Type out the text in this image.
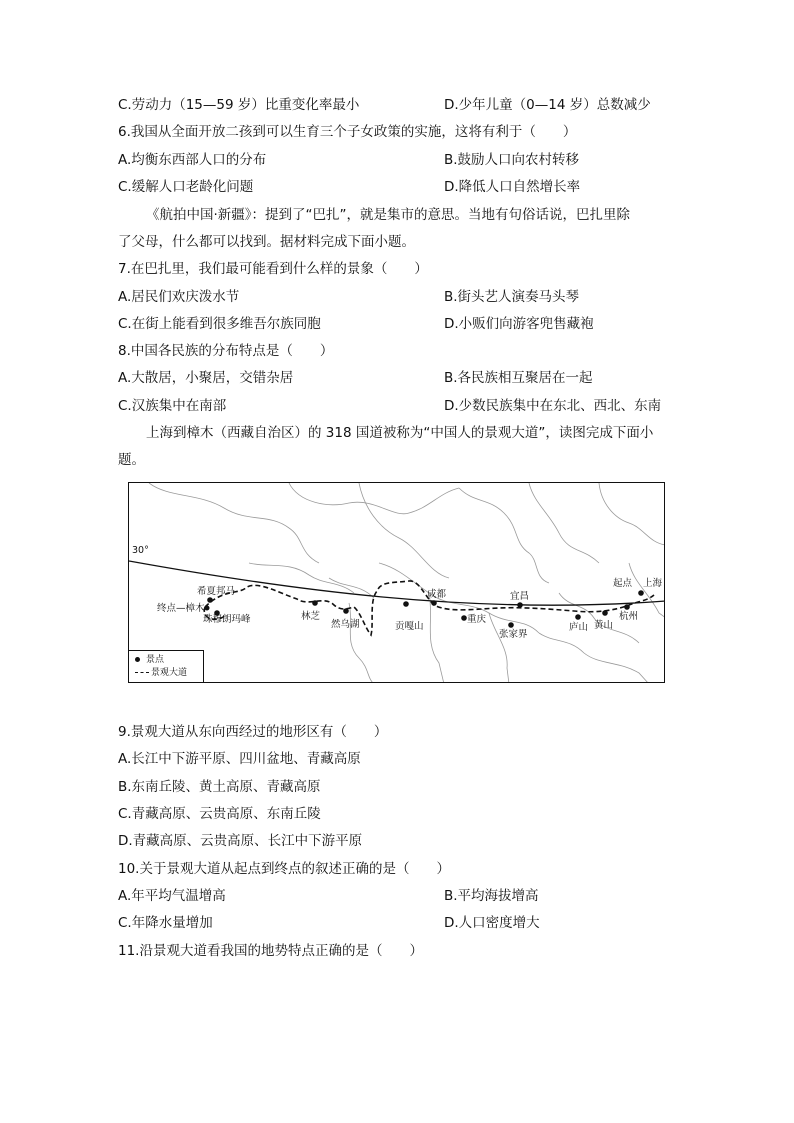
C.劳动力（15—59 岁）比重变化率最小	D.少年儿童（0—14 岁）总数减少
6.我国从全面开放二孩到可以生育三个子女政策的实施，这将有利于（　　）
A.均衡东西部人口的分布	B.鼓励人口向农村转移
C.缓解人口老龄化问题	D.降低人口自然增长率
《航拍中国·新疆》：提到了“巴扎”，就是集市的意思。当地有句俗话说，巴扎里除
了父母，什么都可以找到。据材料完成下面小题。
7.在巴扎里，我们最可能看到什么样的景象（　　）
A.居民们欢庆泼水节	B.街头艺人演奏马头琴
C.在街上能看到很多维吾尔族同胞	D.小贩们向游客兜售藏袍
8.中国各民族的分布特点是（　　）
A.大散居，小聚居，交错杂居	B.各民族相互聚居在一起
C.汉族集中在南部	D.少数民族集中在东北、西北、东南
上海到樟木（西藏自治区）的 318 国道被称为“中国人的景观大道”，读图完成下面小
题。
30°
希夏邦马
终点—樟木
珠穆朗玛峰	林芝
然乌湖
成都
贡嘎山
重庆
宜昌
张家界
庐山 黄山
杭州
起点 上海
景点
景观大道
9.景观大道从东向西经过的地形区有（　　）
A.长江中下游平原、四川盆地、青藏高原
B.东南丘陵、黄土高原、青藏高原
C.青藏高原、云贵高原、东南丘陵
D.青藏高原、云贵高原、长江中下游平原
10.关于景观大道从起点到终点的叙述正确的是（　　）
A.年平均气温增高	B.平均海拔增高
C.年降水量增加	D.人口密度增大
11.沿景观大道看我国的地势特点正确的是（　　）
